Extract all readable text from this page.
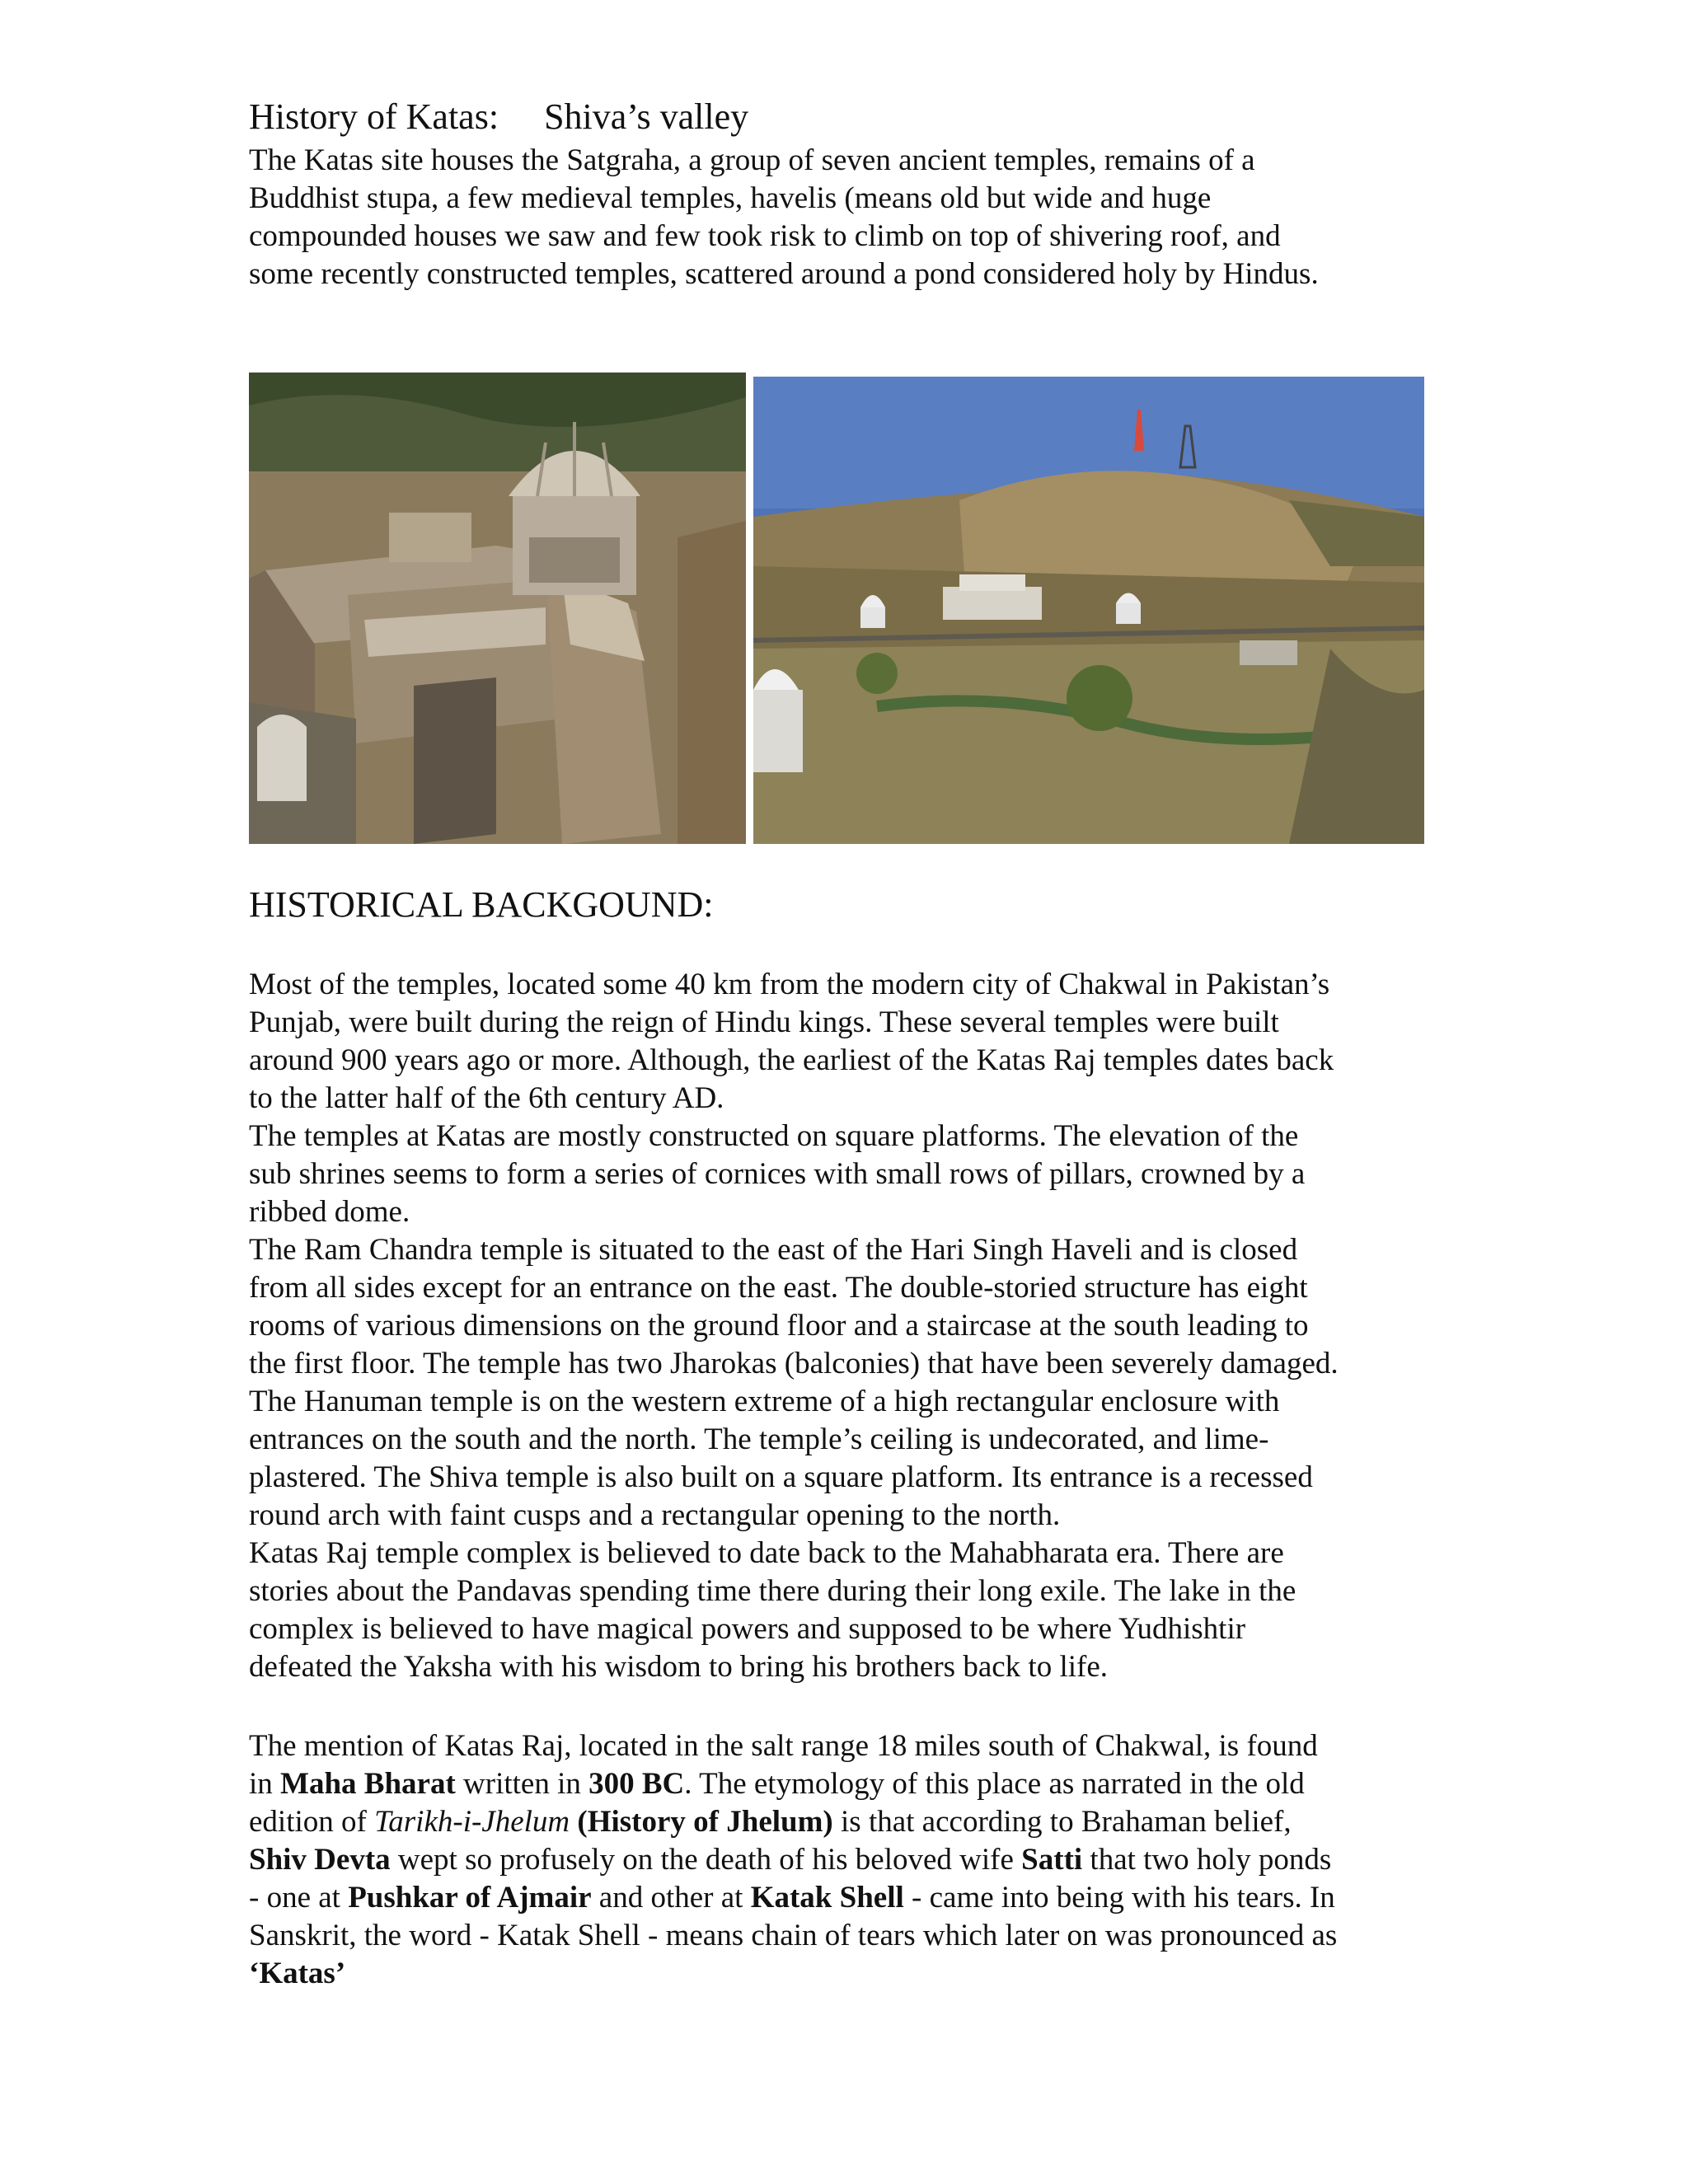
History of Katas: Shiva’s valley
The Katas site houses the Satgraha, a group of seven ancient temples, remains of a
Buddhist stupa, a few medieval temples, havelis (means old but wide and huge
compounded houses we saw and few took risk to climb on top of shivering roof, and
some recently constructed temples, scattered around a pond considered holy by Hindus.
HISTORICAL BACKGOUND:
Most of the temples, located some 40 km from the modern city of Chakwal in Pakistan’s
Punjab, were built during the reign of Hindu kings. These several temples were built
around 900 years ago or more. Although, the earliest of the Katas Raj temples dates back
to the latter half of the 6th century AD.
The temples at Katas are mostly constructed on square platforms. The elevation of the
sub shrines seems to form a series of cornices with small rows of pillars, crowned by a
ribbed dome.
The Ram Chandra temple is situated to the east of the Hari Singh Haveli and is closed
from all sides except for an entrance on the east. The double-storied structure has eight
rooms of various dimensions on the ground floor and a staircase at the south leading to
the first floor. The temple has two Jharokas (balconies) that have been severely damaged.
The Hanuman temple is on the western extreme of a high rectangular enclosure with
entrances on the south and the north. The temple’s ceiling is undecorated, and lime-
plastered. The Shiva temple is also built on a square platform. Its entrance is a recessed
round arch with faint cusps and a rectangular opening to the north.
Katas Raj temple complex is believed to date back to the Mahabharata era. There are
stories about the Pandavas spending time there during their long exile. The lake in the
complex is believed to have magical powers and supposed to be where Yudhishtir
defeated the Yaksha with his wisdom to bring his brothers back to life.
The mention of Katas Raj, located in the salt range 18 miles south of Chakwal, is found
in Maha Bharat written in 300 BC. The etymology of this place as narrated in the old
edition of Tarikh-i-Jhelum (History of Jhelum) is that according to Brahaman belief,
Shiv Devta wept so profusely on the death of his beloved wife Satti that two holy ponds
- one at Pushkar of Ajmair and other at Katak Shell - came into being with his tears. In
Sanskrit, the word - Katak Shell - means chain of tears which later on was pronounced as
‘Katas’
